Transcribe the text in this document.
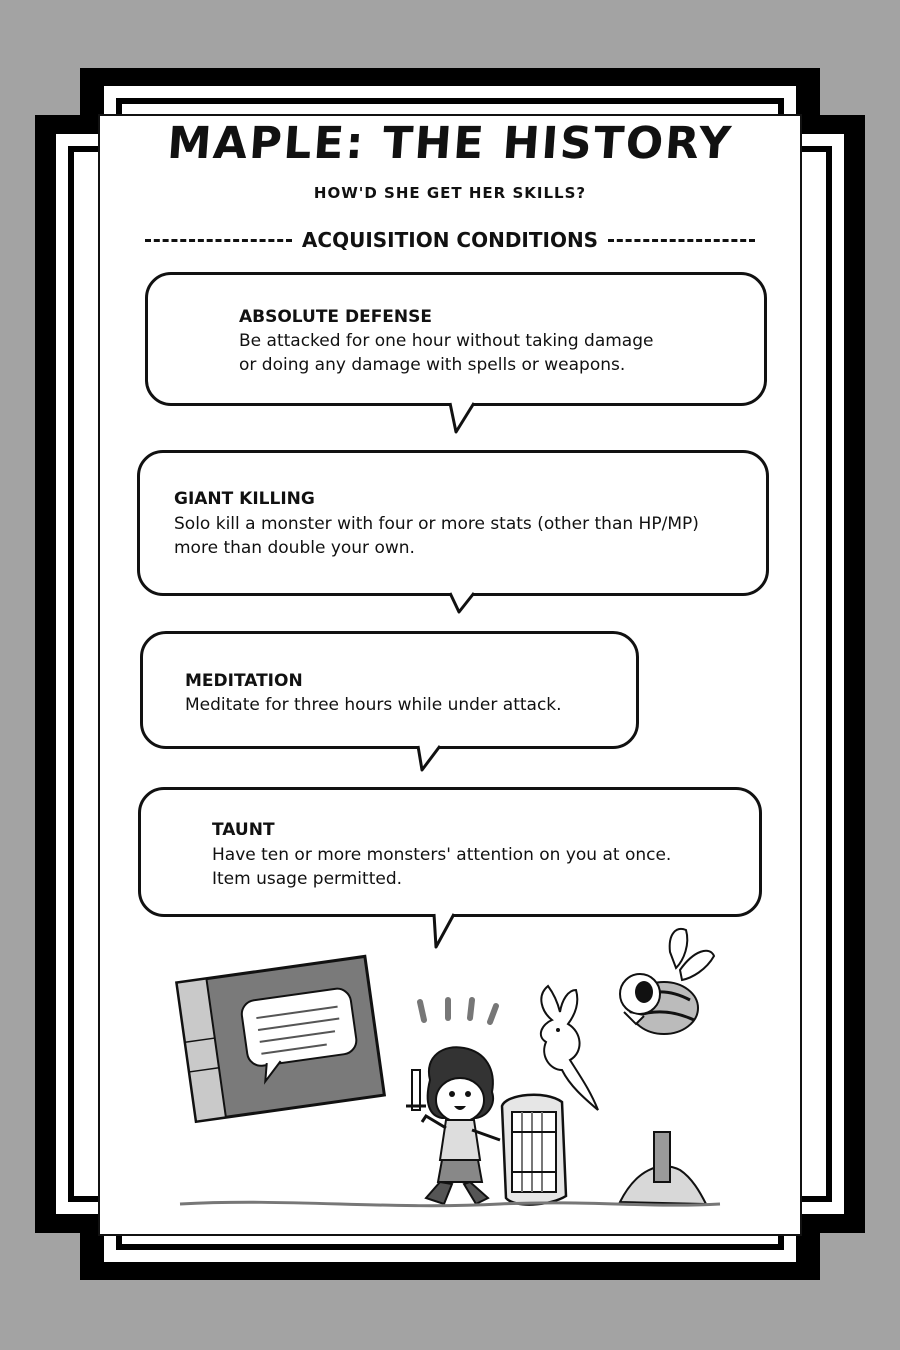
MAPLE: THE HISTORY
HOW'D SHE GET HER SKILLS?
ACQUISITION CONDITIONS
ABSOLUTE DEFENSE
Be attacked for one hour without taking damage
or doing any damage with spells or weapons.
GIANT KILLING
Solo kill a monster with four or more stats (other than HP/MP)
more than double your own.
MEDITATION
Meditate for three hours while under attack.
TAUNT
Have ten or more monsters' attention on you at once.
Item usage permitted.
